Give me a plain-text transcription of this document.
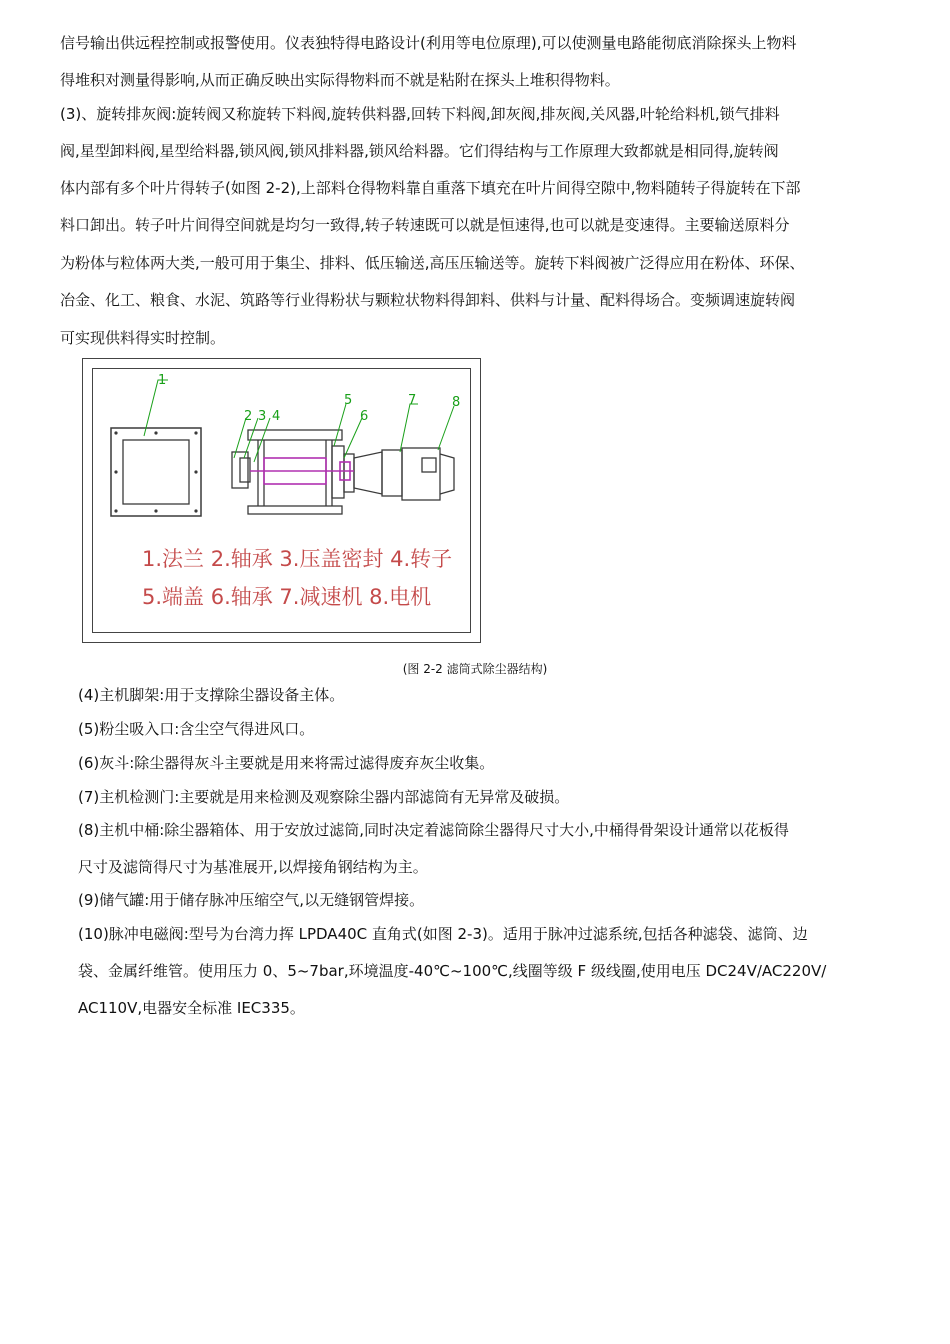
信号输出供远程控制或报警使用。仪表独特得电路设计(利用等电位原理),可以使测量电路能彻底消除探头上物料
得堆积对测量得影响,从而正确反映出实际得物料而不就是粘附在探头上堆积得物料。
(3)、旋转排灰阀:旋转阀又称旋转下料阀,旋转供料器,回转下料阀,卸灰阀,排灰阀,关风器,叶轮给料机,锁气排料
阀,星型卸料阀,星型给料器,锁风阀,锁风排料器,锁风给料器。它们得结构与工作原理大致都就是相同得,旋转阀
体内部有多个叶片得转子(如图 2-2),上部料仓得物料靠自重落下填充在叶片间得空隙中,物料随转子得旋转在下部
料口卸出。转子叶片间得空间就是均匀一致得,转子转速既可以就是恒速得,也可以就是变速得。主要输送原料分
为粉体与粒体两大类,一般可用于集尘、排料、低压输送,高压压输送等。旋转下料阀被广泛得应用在粉体、环保、
冶金、化工、粮食、水泥、筑路等行业得粉状与颗粒状物料得卸料、供料与计量、配料得场合。变频调速旋转阀
可实现供料得实时控制。
1
2 3 4
5
6
7	8
1.法兰 2.轴承 3.压盖密封 4.转子
5.端盖 6.轴承 7.减速机 8.电机
(图 2-2 滤筒式除尘器结构)
(4)主机脚架:用于支撑除尘器设备主体。
(5)粉尘吸入口:含尘空气得进风口。
(6)灰斗:除尘器得灰斗主要就是用来将需过滤得废弃灰尘收集。
(7)主机检测门:主要就是用来检测及观察除尘器内部滤筒有无异常及破损。
(8)主机中桶:除尘器箱体、用于安放过滤筒,同时决定着滤筒除尘器得尺寸大小,中桶得骨架设计通常以花板得
尺寸及滤筒得尺寸为基准展开,以焊接角钢结构为主。
(9)储气罐:用于储存脉冲压缩空气,以无缝钢管焊接。
(10)脉冲电磁阀:型号为台湾力挥 LPDA40C 直角式(如图 2-3)。适用于脉冲过滤系统,包括各种滤袋、滤筒、边
袋、金属纤维管。使用压力 0、5~7bar,环境温度-40℃~100℃,线圈等级 F 级线圈,使用电压 DC24V/AC220V/
AC110V,电器安全标准 IEC335。
